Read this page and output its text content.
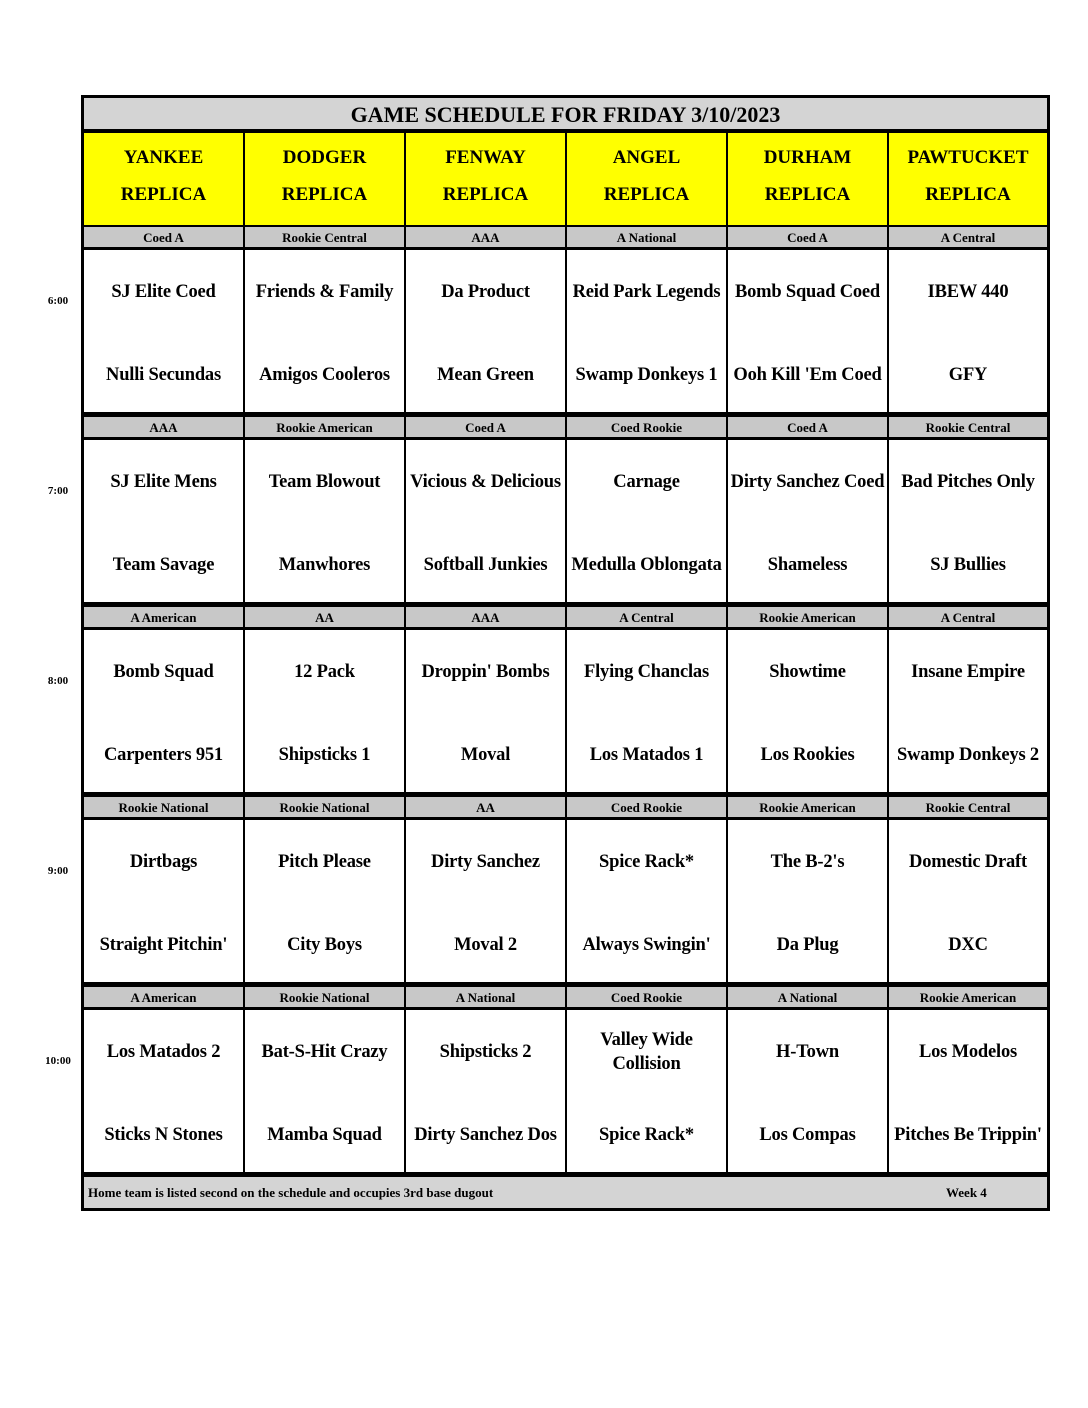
6:00
7:00
8:00
9:00
10:00
GAME SCHEDULE FOR FRIDAY 3/10/2023
YANKEE
REPLICA
DODGER
REPLICA
FENWAY
REPLICA
ANGEL
REPLICA
DURHAM
REPLICA
PAWTUCKET
REPLICA
Coed A
SJ Elite Coed
Nulli Secundas
Rookie Central
Friends & Family
Amigos Cooleros
AAA
Da Product
Mean Green
A National
Reid Park Legends
Swamp Donkeys 1
Coed A
Bomb Squad Coed
Ooh Kill 'Em Coed
A Central
IBEW 440
GFY
AAA
SJ Elite Mens
Team Savage
Rookie American
Team Blowout
Manwhores
Coed A
Vicious & Delicious
Softball Junkies
Coed Rookie
Carnage
Medulla Oblongata
Coed A
Dirty Sanchez Coed
Shameless
Rookie Central
Bad Pitches Only
SJ Bullies
A American
Bomb Squad
Carpenters 951
AA
12 Pack
Shipsticks 1
AAA
Droppin' Bombs
Moval
A Central
Flying Chanclas
Los Matados 1
Rookie American
Showtime
Los Rookies
A Central
Insane Empire
Swamp Donkeys 2
Rookie National
Dirtbags
Straight Pitchin'
Rookie National
Pitch Please
City Boys
AA
Dirty Sanchez
Moval 2
Coed Rookie
Spice Rack*
Always Swingin'
Rookie American
The B-2's
Da Plug
Rookie Central
Domestic Draft
DXC
A American
Los Matados 2
Sticks N Stones
Rookie National
Bat-S-Hit Crazy
Mamba Squad
A National
Shipsticks 2
Dirty Sanchez Dos
Coed Rookie
Valley Wide Collision
Spice Rack*
A National
H-Town
Los Compas
Rookie American
Los Modelos
Pitches Be Trippin'
Home team is listed second on the schedule and occupies 3rd base dugout	Week 4
